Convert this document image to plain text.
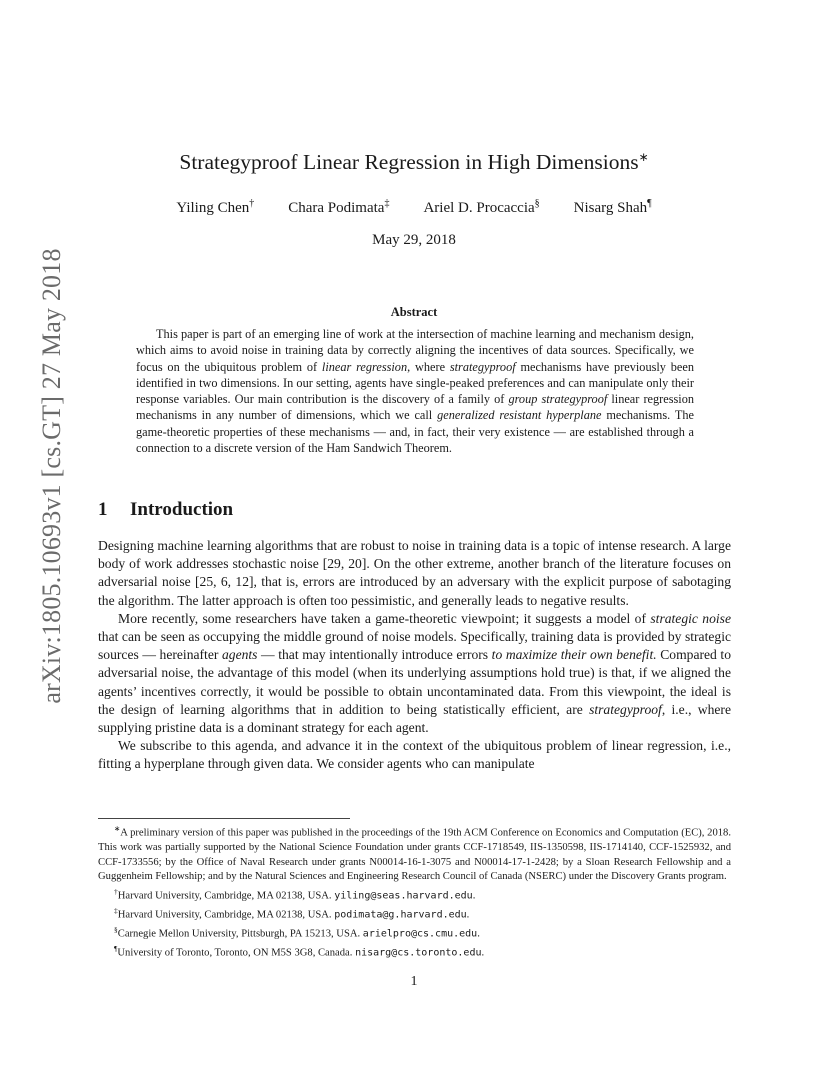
arXiv:1805.10693v1 [cs.GT] 27 May 2018
Strategyproof Linear Regression in High Dimensions∗
Yiling Chen† Chara Podimata‡ Ariel D. Procaccia§ Nisarg Shah¶
May 29, 2018
Abstract
This paper is part of an emerging line of work at the intersection of machine learning and mechanism design, which aims to avoid noise in training data by correctly aligning the incentives of data sources. Specifically, we focus on the ubiquitous problem of linear regression, where strategyproof mechanisms have previously been identified in two dimensions. In our setting, agents have single-peaked preferences and can manipulate only their response variables. Our main contribution is the discovery of a family of group strategyproof linear regression mechanisms in any number of dimensions, which we call generalized resistant hyperplane mechanisms. The game-theoretic properties of these mechanisms — and, in fact, their very existence — are established through a connection to a discrete version of the Ham Sandwich Theorem.
1 Introduction

Designing machine learning algorithms that are robust to noise in training data is a topic of intense research. A large body of work addresses stochastic noise [29, 20]. On the other extreme, another branch of the literature focuses on adversarial noise [25, 6, 12], that is, errors are introduced by an adversary with the explicit purpose of sabotaging the algorithm. The latter approach is often too pessimistic, and generally leads to negative results.

More recently, some researchers have taken a game-theoretic viewpoint; it suggests a model of strategic noise that can be seen as occupying the middle ground of noise models. Specifically, training data is provided by strategic sources — hereinafter agents — that may intentionally introduce errors to maximize their own benefit. Compared to adversarial noise, the advantage of this model (when its underlying assumptions hold true) is that, if we aligned the agents’ incentives correctly, it would be possible to obtain uncontaminated data. From this viewpoint, the ideal is the design of learning algorithms that in addition to being statistically efficient, are strategyproof, i.e., where supplying pristine data is a dominant strategy for each agent.

We subscribe to this agenda, and advance it in the context of the ubiquitous problem of linear regression, i.e., fitting a hyperplane through given data. We consider agents who can manipulate

∗A preliminary version of this paper was published in the proceedings of the 19th ACM Conference on Economics and Computation (EC), 2018. This work was partially supported by the National Science Foundation under grants CCF-1718549, IIS-1350598, IIS-1714140, CCF-1525932, and CCF-1733556; by the Office of Naval Research under grants N00014-16-1-3075 and N00014-17-1-2428; by a Sloan Research Fellowship and a Guggenheim Fellowship; and by the Natural Sciences and Engineering Research Council of Canada (NSERC) under the Discovery Grants program.

†Harvard University, Cambridge, MA 02138, USA. yiling@seas.harvard.edu.

‡Harvard University, Cambridge, MA 02138, USA. podimata@g.harvard.edu.

§Carnegie Mellon University, Pittsburgh, PA 15213, USA. arielpro@cs.cmu.edu.

¶University of Toronto, Toronto, ON M5S 3G8, Canada. nisarg@cs.toronto.edu.

1
